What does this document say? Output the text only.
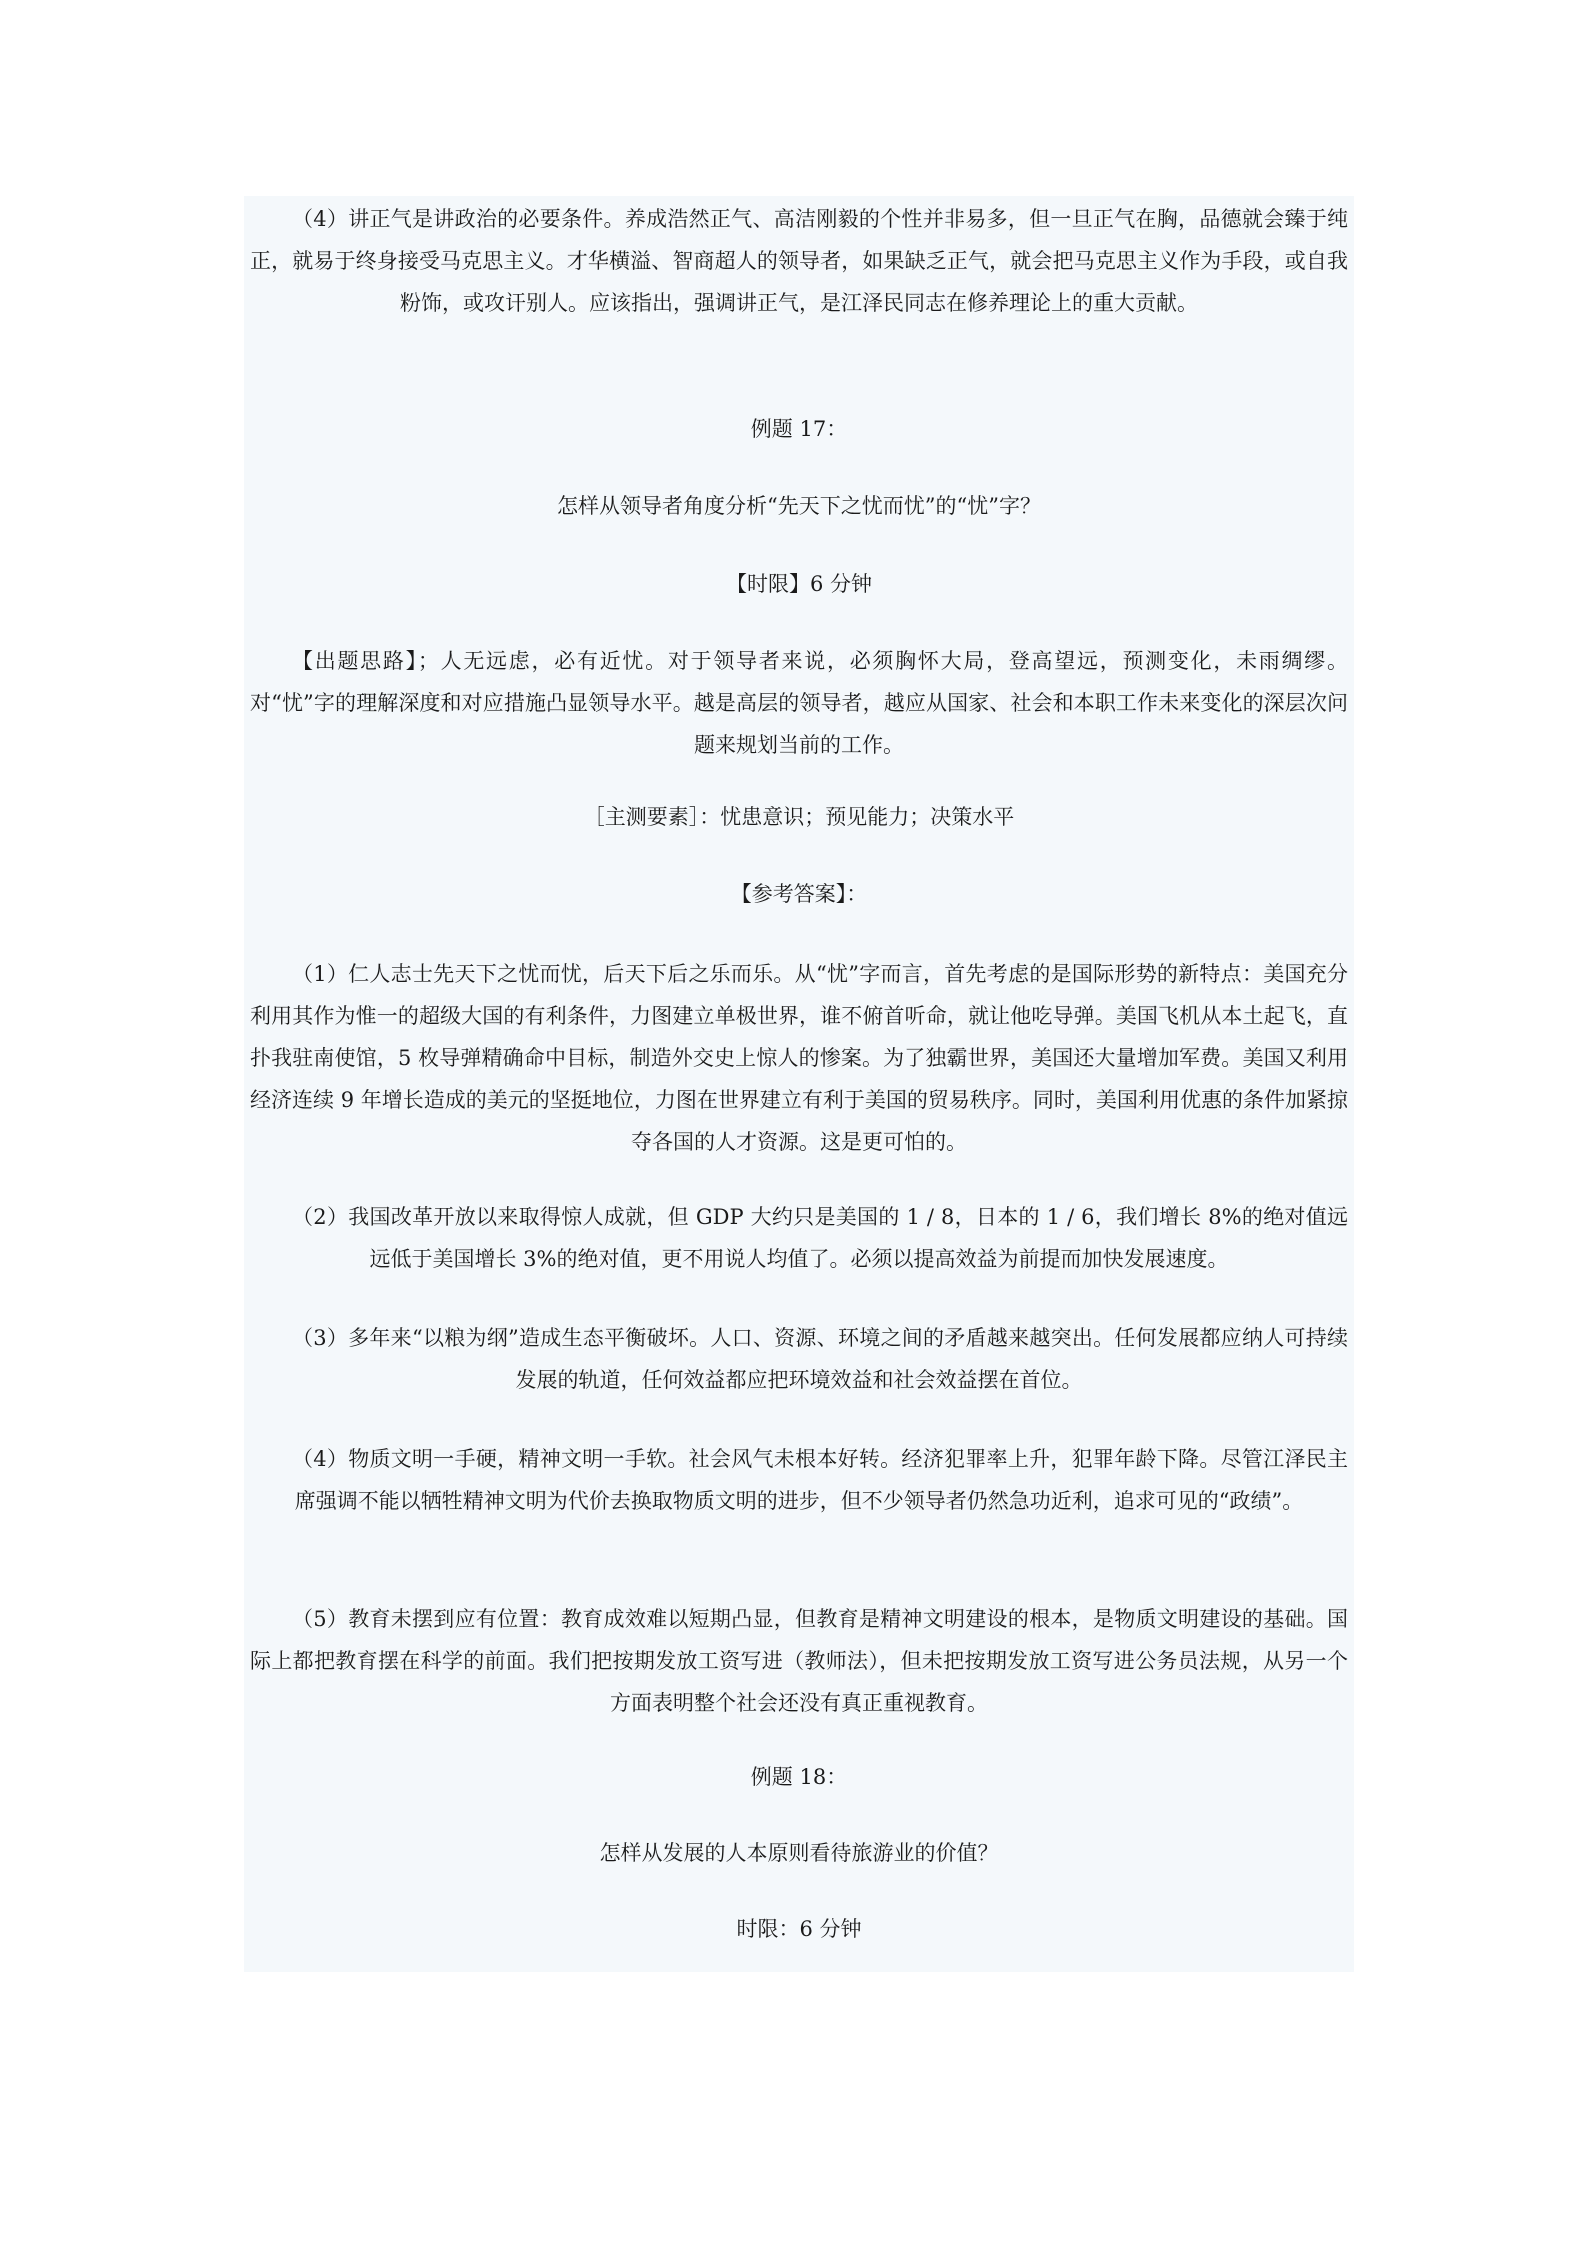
（4）讲正气是讲政治的必要条件。养成浩然正气、高洁刚毅的个性并非易多，但一旦正气在胸，品德就会臻于纯正，就易于终身接受马克思主义。才华横溢、智商超人的领导者，如果缺乏正气，就会把马克思主义作为手段，或自我粉饰，或攻讦别人。应该指出，强调讲正气，是江泽民同志在修养理论上的重大贡献。

例题 17：

怎样从领导者角度分析“先天下之忧而忧”的“忧”字？

【时限】6 分钟

【出题思路】；人无远虑，必有近忧。对于领导者来说，必须胸怀大局，登高望远，预测变化，未雨绸缪。对“忧”字的理解深度和对应措施凸显领导水平。越是高层的领导者，越应从国家、社会和本职工作未来变化的深层次问题来规划当前的工作。

［主测要素］：忧患意识；预见能力；决策水平

【参考答案】：

（1）仁人志士先天下之忧而忧，后天下后之乐而乐。从“忧”字而言，首先考虑的是国际形势的新特点：美国充分利用其作为惟一的超级大国的有利条件，力图建立单极世界，谁不俯首听命，就让他吃导弹。美国飞机从本土起飞，直扑我驻南使馆，5 枚导弹精确命中目标，制造外交史上惊人的惨案。为了独霸世界，美国还大量增加军费。美国又利用经济连续 9 年增长造成的美元的坚挺地位，力图在世界建立有利于美国的贸易秩序。同时，美国利用优惠的条件加紧掠夺各国的人才资源。这是更可怕的。

（2）我国改革开放以来取得惊人成就，但 GDP 大约只是美国的 1 / 8，日本的 1 / 6，我们增长 8%的绝对值远远低于美国增长 3%的绝对值，更不用说人均值了。必须以提高效益为前提而加快发展速度。

（3）多年来“以粮为纲”造成生态平衡破坏。人口、资源、环境之间的矛盾越来越突出。任何发展都应纳人可持续发展的轨道，任何效益都应把环境效益和社会效益摆在首位。

（4）物质文明一手硬，精神文明一手软。社会风气未根本好转。经济犯罪率上升，犯罪年龄下降。尽管江泽民主席强调不能以牺牲精神文明为代价去换取物质文明的进步，但不少领导者仍然急功近利，追求可见的“政绩”。

（5）教育未摆到应有位置：教育成效难以短期凸显，但教育是精神文明建设的根本，是物质文明建设的基础。国际上都把教育摆在科学的前面。我们把按期发放工资写进（教师法），但未把按期发放工资写进公务员法规，从另一个方面表明整个社会还没有真正重视教育。

例题 18：

怎样从发展的人本原则看待旅游业的价值？

时限：6 分钟
